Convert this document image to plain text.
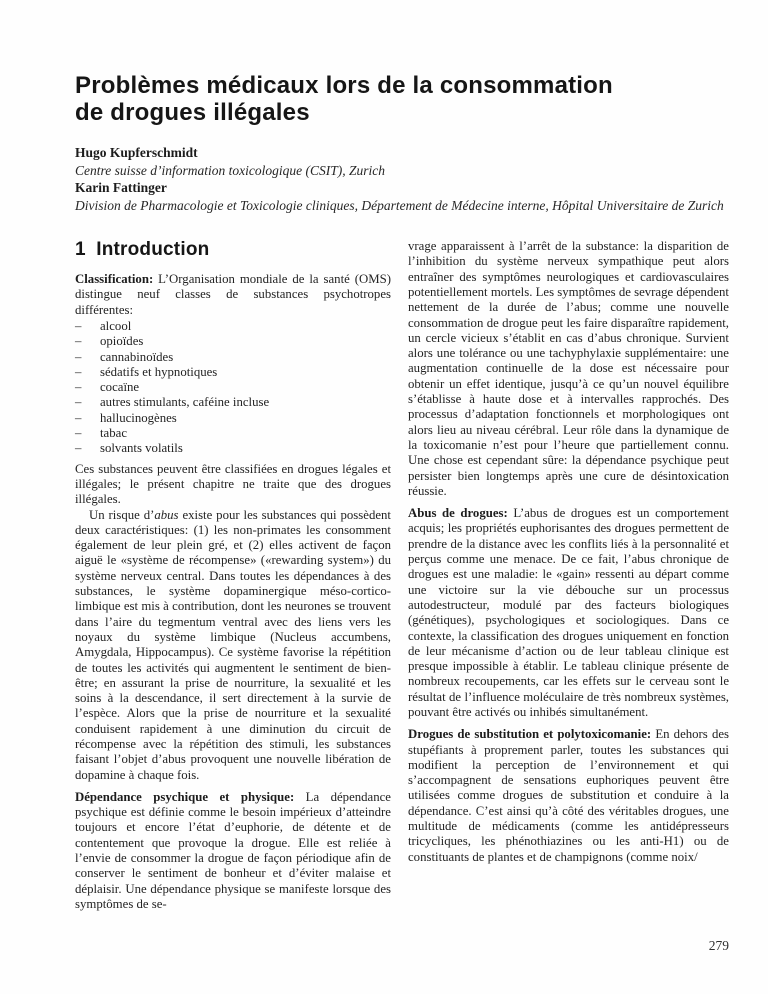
Problèmes médicaux lors de la consommation
de drogues illégales
Hugo Kupferschmidt
Centre suisse d’information toxicologique (CSIT), Zurich
Karin Fattinger
Division de Pharmacologie et Toxicologie cliniques, Département de Médecine interne, Hôpital Universitaire de Zurich
1 Introduction

Classification: L’Organisation mondiale de la santé (OMS) distingue neuf classes de substances psychotropes différentes:

–	alcool
–	opioïdes
–	cannabinoïdes
–	sédatifs et hypnotiques
–	cocaïne
–	autres stimulants, caféine incluse
–	hallucinogènes
–	tabac
–	solvants volatils

Ces substances peuvent être classifiées en drogues légales et illégales; le présent chapitre ne traite que des drogues illégales.

Un risque d’abus existe pour les substances qui possèdent deux caractéristiques: (1) les non-primates les consomment également de leur plein gré, et (2) elles activent de façon aiguë le «système de récompense» («rewarding system») du système nerveux central. Dans toutes les dépendances à des substances, le système dopaminergique méso-cortico-limbique est mis à contribution, dont les neurones se trouvent dans l’aire du tegmentum ventral avec des liens vers les noyaux du système limbique (Nucleus accumbens, Amygdala, Hippocampus). Ce système favorise la répétition de toutes les activités qui augmentent le sentiment de bien-être; en assurant la prise de nourriture, la sexualité et les soins à la descendance, il sert directement à la survie de l’espèce. Alors que la prise de nourriture et la sexualité conduisent rapidement à une diminution du circuit de récompense avec la répétition des stimuli, les substances faisant l’objet d’abus provoquent une nouvelle libération de dopamine à chaque fois.

Dépendance psychique et physique: La dépendance psychique est définie comme le besoin impérieux d’atteindre toujours et encore l’état d’euphorie, de détente et de contentement que provoque la drogue. Elle est reliée à l’envie de consommer la drogue de façon périodique afin de conserver le sentiment de bonheur et d’éviter malaise et déplaisir. Une dépendance physique se manifeste lorsque des symptômes de se-

vrage apparaissent à l’arrêt de la substance: la disparition de l’inhibition du système nerveux sympathique peut alors entraîner des symptômes neurologiques et cardiovasculaires potentiellement mortels. Les symptômes de sevrage dépendent nettement de la durée de l’abus; comme une nouvelle consommation de drogue peut les faire disparaître rapidement, un cercle vicieux s’établit en cas d’abus chronique. Survient alors une tolérance ou une tachyphylaxie supplémentaire: une augmentation continuelle de la dose est nécessaire pour obtenir un effet identique, jusqu’à ce qu’un nouvel équilibre s’établisse à haute dose et à intervalles rapprochés. Des processus d’adaptation fonctionnels et morphologiques ont alors lieu au niveau cérébral. Leur rôle dans la dynamique de la toxicomanie n’est pour l’heure que partiellement connu. Une chose est cependant sûre: la dépendance psychique peut persister bien longtemps après une cure de désintoxication réussie.

Abus de drogues: L’abus de drogues est un comportement acquis; les propriétés euphorisantes des drogues permettent de prendre de la distance avec les conflits liés à la personnalité et perçus comme une menace. De ce fait, l’abus chronique de drogues est une maladie: le «gain» ressenti au départ comme une victoire sur la vie débouche sur un processus autodestructeur, modulé par des facteurs biologiques (génétiques), psychologiques et sociologiques. Dans ce contexte, la classification des drogues uniquement en fonction de leur mécanisme d’action ou de leur tableau clinique est presque impossible à établir. Le tableau clinique présente de nombreux recoupements, car les effets sur le cerveau sont le résultat de l’influence moléculaire de très nombreux systèmes, pouvant être activés ou inhibés simultanément.

Drogues de substitution et polytoxicomanie: En dehors des stupéfiants à proprement parler, toutes les substances qui modifient la perception de l’environnement et qui s’accompagnent de sensations euphoriques peuvent être utilisées comme drogues de substitution et conduire à la dépendance. C’est ainsi qu’à côté des véritables drogues, une multitude de médicaments (comme les antidépresseurs tricycliques, les phénothiazines ou les anti-H1) ou de constituants de plantes et de champignons (comme noix/

279
